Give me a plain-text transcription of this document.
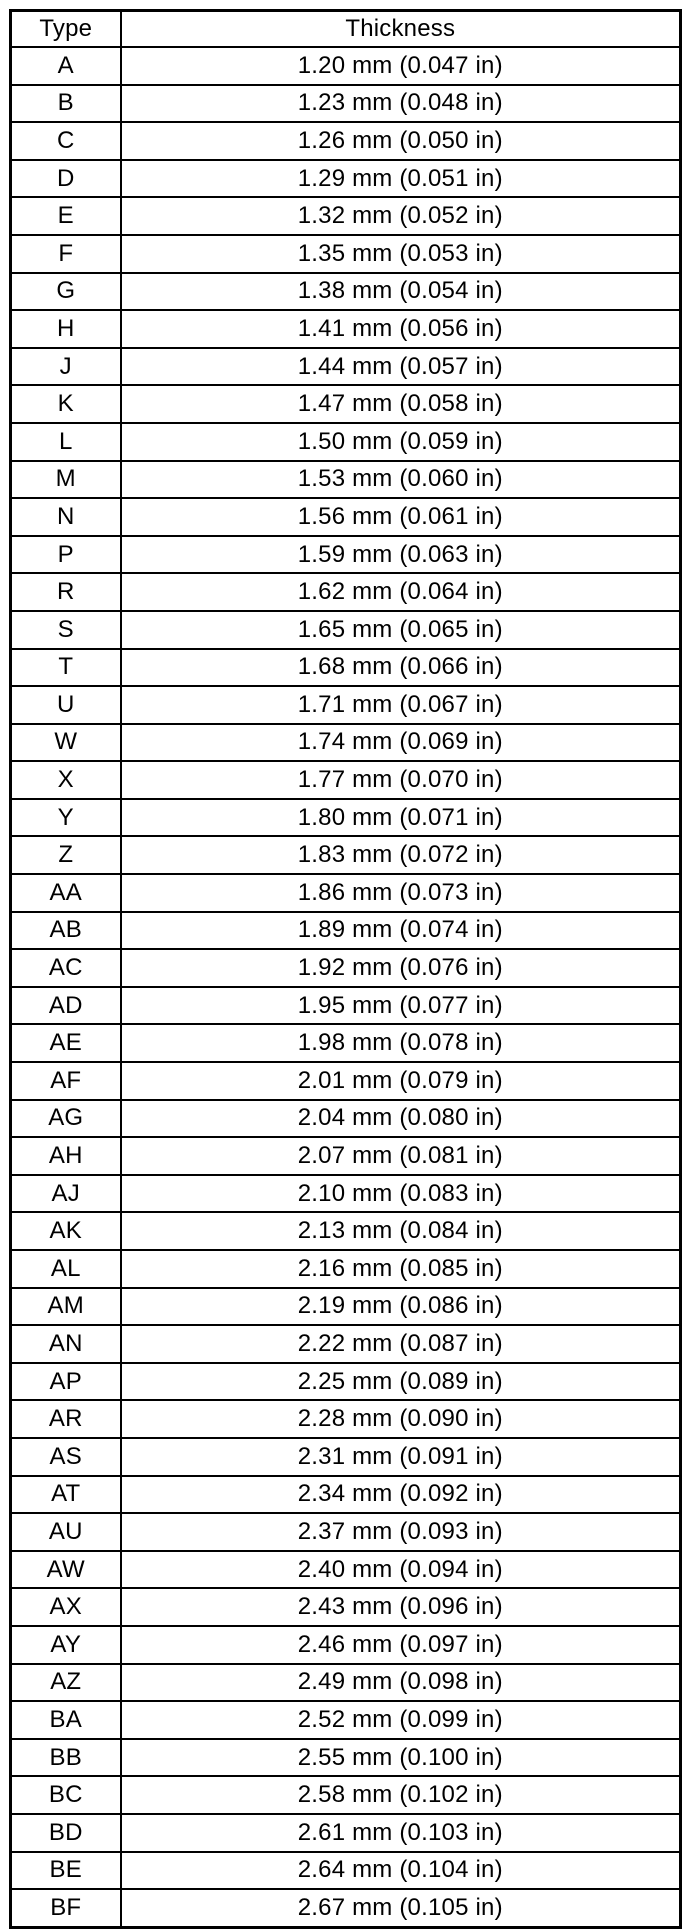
Type	Thickness
A	1.20 mm (0.047 in)
B	1.23 mm (0.048 in)
C	1.26 mm (0.050 in)
D	1.29 mm (0.051 in)
E	1.32 mm (0.052 in)
F	1.35 mm (0.053 in)
G	1.38 mm (0.054 in)
H	1.41 mm (0.056 in)
J	1.44 mm (0.057 in)
K	1.47 mm (0.058 in)
L	1.50 mm (0.059 in)
M	1.53 mm (0.060 in)
N	1.56 mm (0.061 in)
P	1.59 mm (0.063 in)
R	1.62 mm (0.064 in)
S	1.65 mm (0.065 in)
T	1.68 mm (0.066 in)
U	1.71 mm (0.067 in)
W	1.74 mm (0.069 in)
X	1.77 mm (0.070 in)
Y	1.80 mm (0.071 in)
Z	1.83 mm (0.072 in)
AA	1.86 mm (0.073 in)
AB	1.89 mm (0.074 in)
AC	1.92 mm (0.076 in)
AD	1.95 mm (0.077 in)
AE	1.98 mm (0.078 in)
AF	2.01 mm (0.079 in)
AG	2.04 mm (0.080 in)
AH	2.07 mm (0.081 in)
AJ	2.10 mm (0.083 in)
AK	2.13 mm (0.084 in)
AL	2.16 mm (0.085 in)
AM	2.19 mm (0.086 in)
AN	2.22 mm (0.087 in)
AP	2.25 mm (0.089 in)
AR	2.28 mm (0.090 in)
AS	2.31 mm (0.091 in)
AT	2.34 mm (0.092 in)
AU	2.37 mm (0.093 in)
AW	2.40 mm (0.094 in)
AX	2.43 mm (0.096 in)
AY	2.46 mm (0.097 in)
AZ	2.49 mm (0.098 in)
BA	2.52 mm (0.099 in)
BB	2.55 mm (0.100 in)
BC	2.58 mm (0.102 in)
BD	2.61 mm (0.103 in)
BE	2.64 mm (0.104 in)
BF	2.67 mm (0.105 in)
